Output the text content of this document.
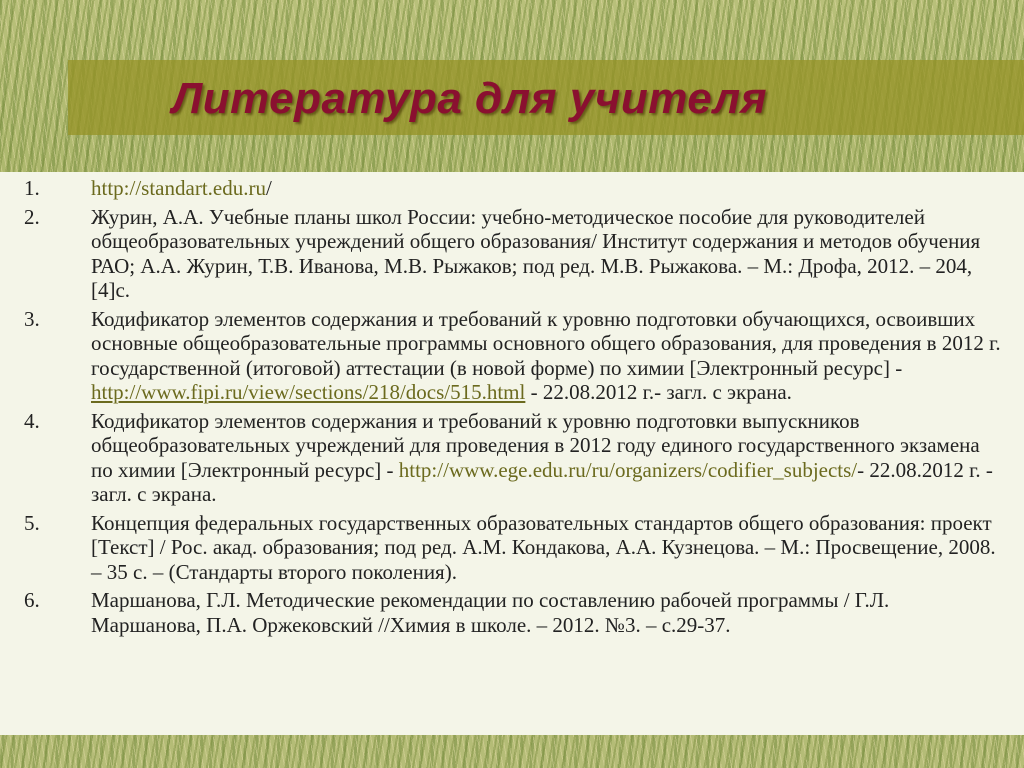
Литература для учителя
1. http://standart.edu.ru/
2. Журин, А.А. Учебные планы школ России: учебно-методическое пособие для руководителей общеобразовательных учреждений общего образования/ Институт содержания и методов обучения РАО; А.А. Журин, Т.В. Иванова, М.В. Рыжаков; под ред. М.В. Рыжакова. – М.: Дрофа, 2012. – 204, [4]с.
3. Кодификатор элементов содержания и требований к уровню подготовки обучающихся, освоивших основные общеобразовательные программы основного общего образования, для проведения в 2012 г. государственной (итоговой) аттестации (в новой форме) по химии [Электронный ресурс] - http://www.fipi.ru/view/sections/218/docs/515.html - 22.08.2012 г.- загл. с экрана.
4. Кодификатор элементов содержания и требований к уровню подготовки выпускников общеобразовательных учреждений для проведения в 2012 году единого государственного экзамена по химии [Электронный ресурс] - http://www.ege.edu.ru/ru/organizers/codifier_subjects/- 22.08.2012 г. - загл. с экрана.
5. Концепция федеральных государственных образовательных стандартов общего образования: проект [Текст] / Рос. акад. образования; под ред. А.М. Кондакова, А.А. Кузнецова. – М.: Просвещение, 2008. – 35 с. – (Стандарты второго поколения).
6. Маршанова, Г.Л. Методические рекомендации по составлению рабочей программы / Г.Л. Маршанова, П.А. Оржековский //Химия в школе. – 2012. №3. – с.29-37.
